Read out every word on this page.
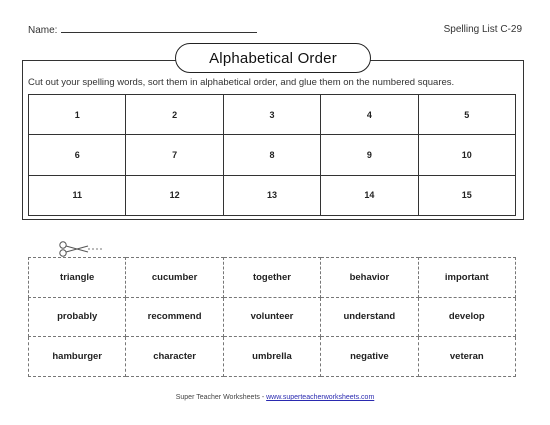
Name:	Spelling List C-29
Alphabetical Order
Cut out your spelling words, sort them in alphabetical order, and glue them on the numbered squares.
1	2	3	4	5
6	7	8	9	10
11	12	13	14	15
triangle	cucumber	together	behavior	important
probably	recommend	volunteer	understand	develop
hamburger	character	umbrella	negative	veteran
Super Teacher Worksheets - www.superteacherworksheets.com
